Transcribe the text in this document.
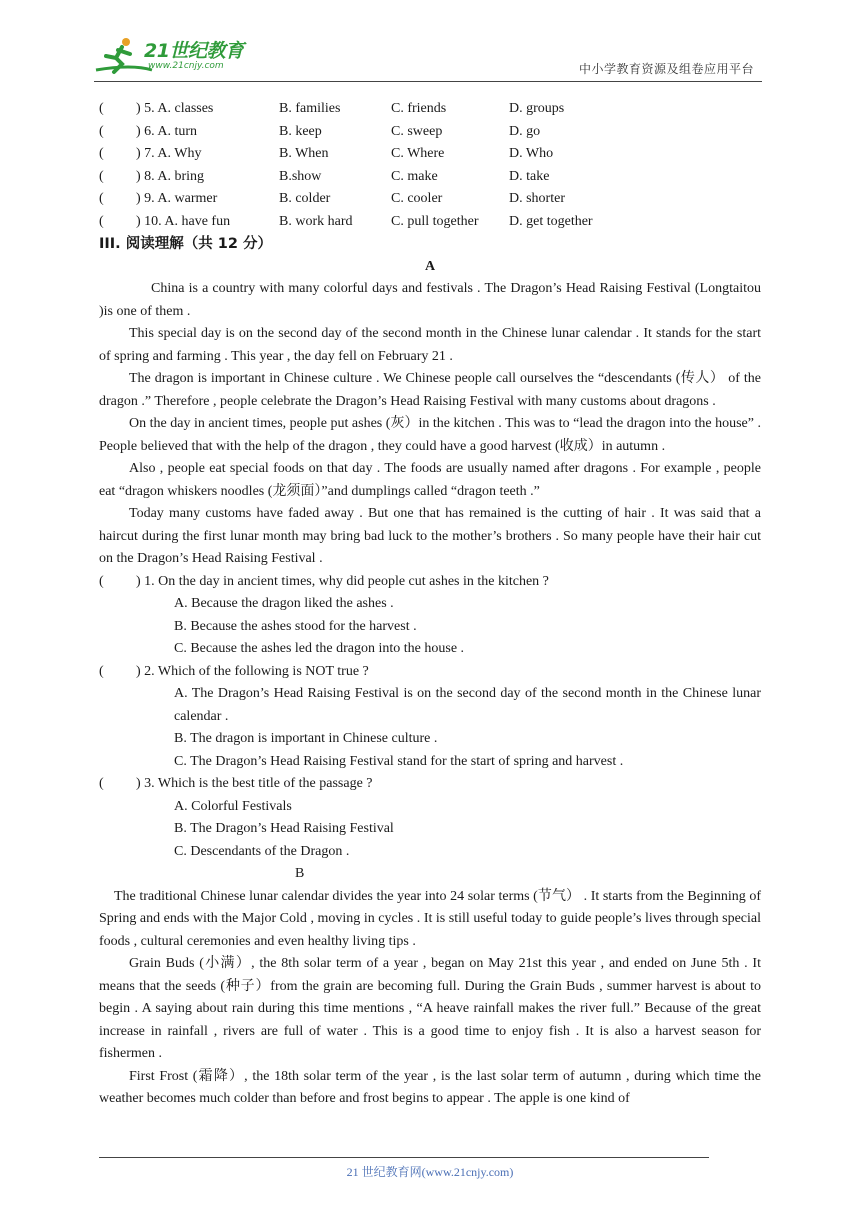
21世纪教育
www.21cnjy.com	中小学教育资源及组卷应用平台
( ) 5. A. classes	B. families	C. friends	D. groups
( ) 6. A. turn	B. keep	C. sweep	D. go
( ) 7. A. Why	B. When	C. Where	D. Who
( ) 8. A. bring	B.show	C. make	D. take
( ) 9. A. warmer	B. colder	C. cooler	D. shorter
( ) 10. A. have fun	B. work hard	C. pull together D. get together
III. 阅读理解（共 12 分）
A

China is a country with many colorful days and festivals . The Dragon’s Head Raising Festival (Longtaitou )is one of them .

This special day is on the second day of the second month in the Chinese lunar calendar . It stands for the start of spring and farming . This year , the day fell on February 21 .

The dragon is important in Chinese culture . We Chinese people call ourselves the “descendants (传人） of the dragon .” Therefore , people celebrate the Dragon’s Head Raising Festival with many customs about dragons .

On the day in ancient times, people put ashes (灰）in the kitchen . This was to “lead the dragon into the house” . People believed that with the help of the dragon , they could have a good harvest (收成）in autumn .

Also , people eat special foods on that day . The foods are usually named after dragons . For example , people eat “dragon whiskers noodles (龙须面）”and dumplings called “dragon teeth .”

Today many customs have faded away . But one that has remained is the cutting of hair . It was said that a haircut during the first lunar month may bring bad luck to the mother’s brothers . So many people have their hair cut on the Dragon’s Head Raising Festival .

( ) 1. On the day in ancient times, why did people cut ashes in the kitchen ?
A. Because the dragon liked the ashes .
B. Because the ashes stood for the harvest .
C. Because the ashes led the dragon into the house .
( ) 2. Which of the following is NOT true ?
A. The Dragon’s Head Raising Festival is on the second day of the second month in the Chinese lunar calendar .
B. The dragon is important in Chinese culture .
C. The Dragon’s Head Raising Festival stand for the start of spring and harvest .
( ) 3. Which is the best title of the passage ?
A. Colorful Festivals
B. The Dragon’s Head Raising Festival
C. Descendants of the Dragon .
B

The traditional Chinese lunar calendar divides the year into 24 solar terms (节气） . It starts from the Beginning of Spring and ends with the Major Cold , moving in cycles . It is still useful today to guide people’s lives through special foods , cultural ceremonies and even healthy living tips .

Grain Buds (小满）, the 8th solar term of a year , began on May 21st this year , and ended on June 5th . It means that the seeds (种子）from the grain are becoming full. During the Grain Buds , summer harvest is about to begin . A saying about rain during this time mentions , “A heave rainfall makes the river full.” Because of the great increase in rainfall , rivers are full of water . This is a good time to enjoy fish . It is also a harvest season for fishermen .

First Frost (霜降）, the 18th solar term of the year , is the last solar term of autumn , during which time the weather becomes much colder than before and frost begins to appear . The apple is one kind of

21 世纪教育网(www.21cnjy.com)
